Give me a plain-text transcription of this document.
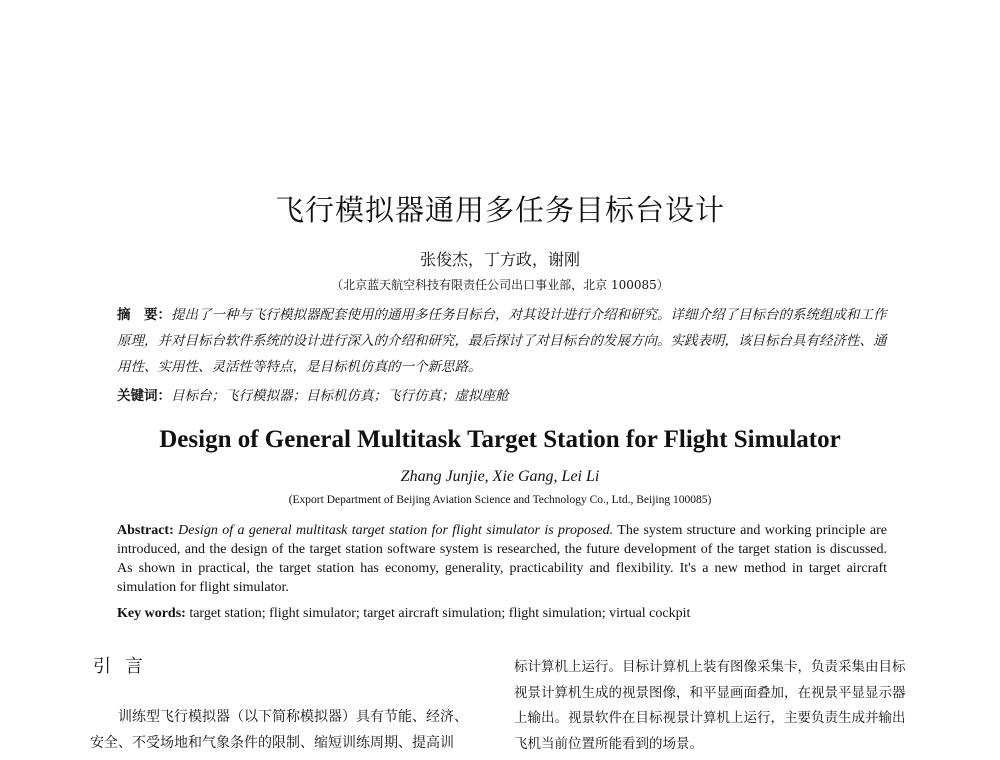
飞行模拟器通用多任务目标台设计
张俊杰，丁方政，谢刚
（北京蓝天航空科技有限责任公司出口事业部，北京 100085）
摘　要：提出了一种与飞行模拟器配套使用的通用多任务目标台，对其设计进行介绍和研究。详细介绍了目标台的系统组成和工作原理，并对目标台软件系统的设计进行深入的介绍和研究，最后探讨了对目标台的发展方向。实践表明，该目标台具有经济性、通用性、实用性、灵活性等特点，是目标机仿真的一个新思路。
关键词：目标台；飞行模拟器；目标机仿真；飞行仿真；虚拟座舱
Design of General Multitask Target Station for Flight Simulator
Zhang Junjie, Xie Gang, Lei Li
(Export Department of Beijing Aviation Science and Technology Co., Ltd., Beijing 100085)
Abstract: Design of a general multitask target station for flight simulator is proposed. The system structure and working principle are introduced, and the design of the target station software system is researched, the future development of the target station is discussed. As shown in practical, the target station has economy, generality, practicability and flexibility. It's a new method in target aircraft simulation for flight simulator.
Key words: target station; flight simulator; target aircraft simulation; flight simulation; virtual cockpit
引言
训练型飞行模拟器（以下简称模拟器）具有节能、经济、
安全、不受场地和气象条件的限制、缩短训练周期、提高训
标计算机上运行。目标计算机上装有图像采集卡，负责采集由目标视景计算机生成的视景图像，和平显画面叠加，在视景平显显示器上输出。视景软件在目标视景计算机上运行，主要负责生成并输出飞机当前位置所能看到的场景。
